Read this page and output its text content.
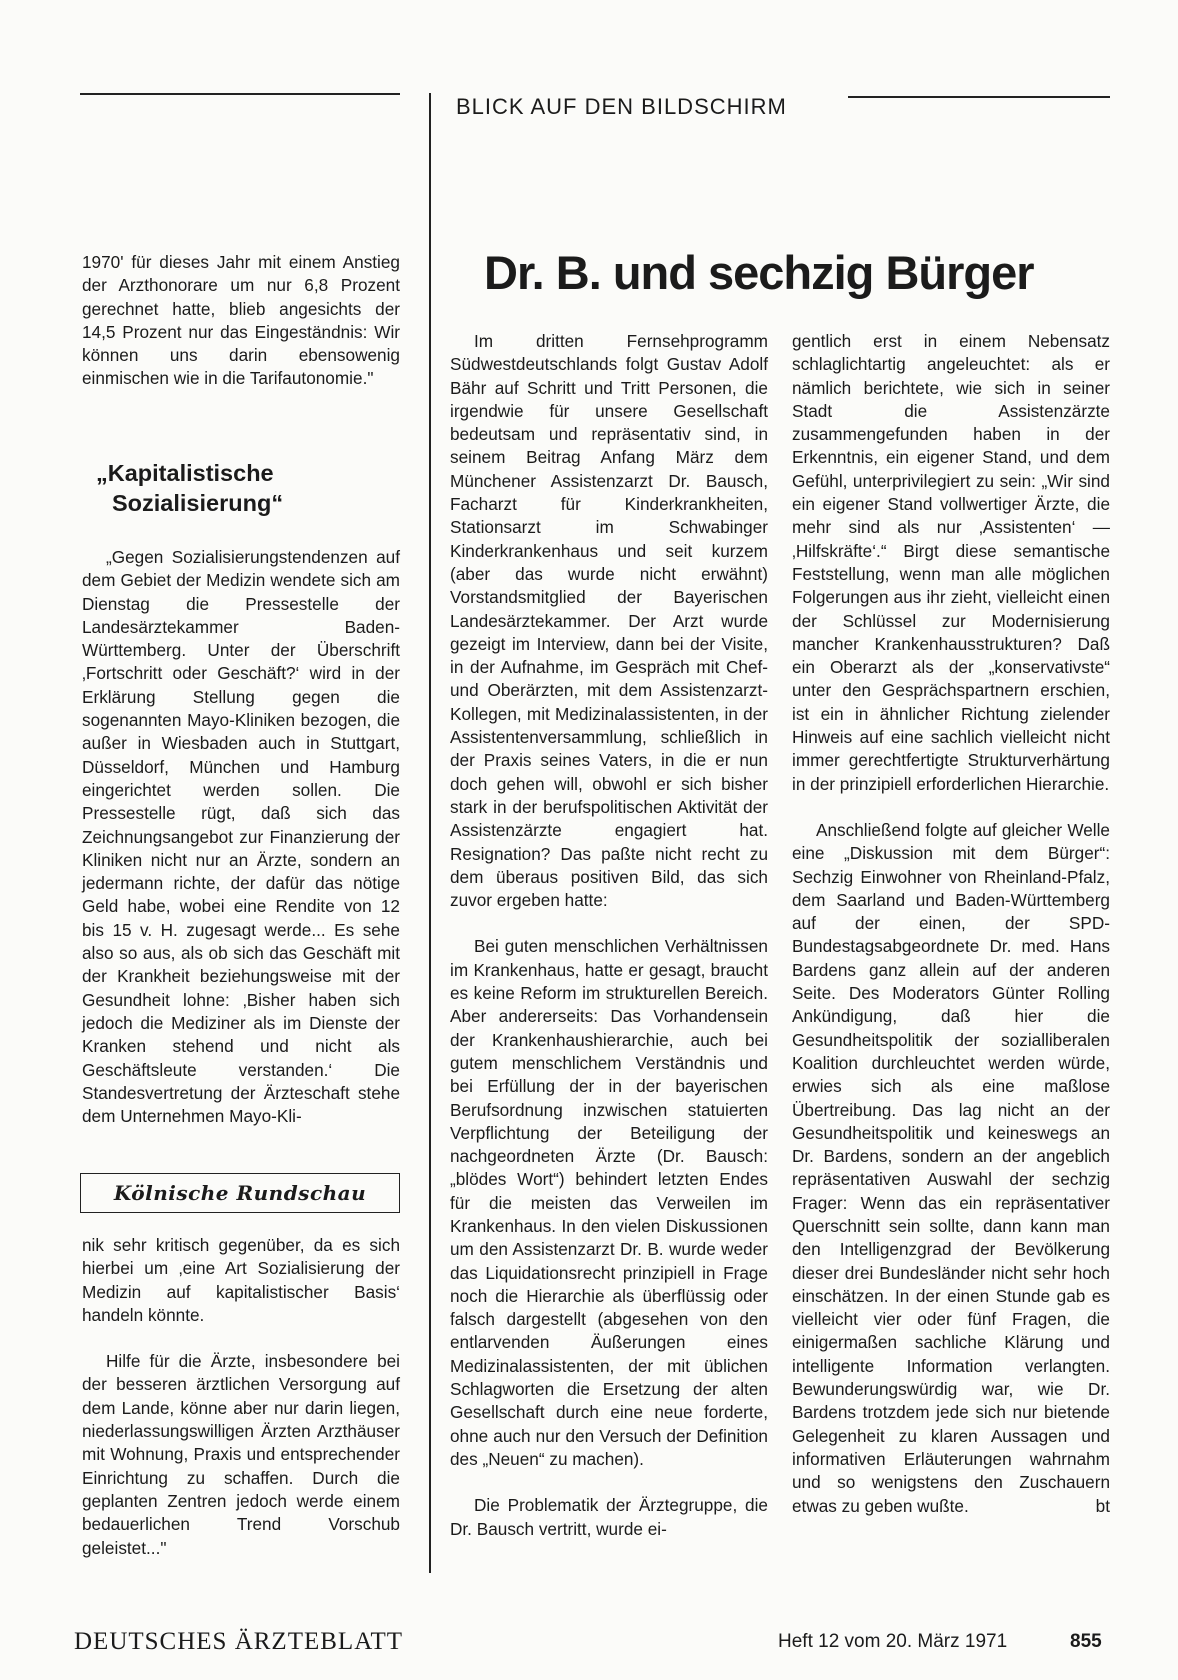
BLICK AUF DEN BILDSCHIRM

1970' für dieses Jahr mit einem Anstieg der Arzthonorare um nur 6,8 Prozent gerechnet hatte, blieb angesichts der 14,5 Prozent nur das Eingeständnis: Wir können uns darin ebensowenig einmischen wie in die Tarifautonomie."

„Kapitalistische
Sozialisierung“

„Gegen Sozialisierungstendenzen auf dem Gebiet der Medizin wendete sich am Dienstag die Pressestelle der Landesärztekammer Baden-Württemberg. Unter der Überschrift ‚Fortschritt oder Geschäft?‘ wird in der Erklärung Stellung gegen die sogenannten Mayo-Kliniken bezogen, die außer in Wiesbaden auch in Stuttgart, Düsseldorf, München und Hamburg eingerichtet werden sollen. Die Pressestelle rügt, daß sich das Zeichnungsangebot zur Finanzierung der Kliniken nicht nur an Ärzte, sondern an jedermann richte, der dafür das nötige Geld habe, wobei eine Rendite von 12 bis 15 v. H. zugesagt werde... Es sehe also so aus, als ob sich das Geschäft mit der Krankheit beziehungsweise mit der Gesundheit lohne: ‚Bisher haben sich jedoch die Mediziner als im Dienste der Kranken stehend und nicht als Geschäftsleute verstanden.‘ Die Standesvertretung der Ärzteschaft stehe dem Unternehmen Mayo-Kli-

Kölnische Rundschau

nik sehr kritisch gegenüber, da es sich hierbei um ‚eine Art Sozialisierung der Medizin auf kapitalistischer Basis‘ handeln könnte.

Hilfe für die Ärzte, insbesondere bei der besseren ärztlichen Versorgung auf dem Lande, könne aber nur darin liegen, niederlassungswilligen Ärzten Arzthäuser mit Wohnung, Praxis und entsprechender Einrichtung zu schaffen. Durch die geplanten Zentren jedoch werde einem bedauerlichen Trend Vorschub geleistet..."

Dr. B. und sechzig Bürger

Im dritten Fernsehprogramm Südwestdeutschlands folgt Gustav Adolf Bähr auf Schritt und Tritt Personen, die irgendwie für unsere Gesellschaft bedeutsam und repräsentativ sind, in seinem Beitrag Anfang März dem Münchener Assistenzarzt Dr. Bausch, Facharzt für Kinderkrankheiten, Stationsarzt im Schwabinger Kinderkrankenhaus und seit kurzem (aber das wurde nicht erwähnt) Vorstandsmitglied der Bayerischen Landesärztekammer. Der Arzt wurde gezeigt im Interview, dann bei der Visite, in der Aufnahme, im Gespräch mit Chef- und Oberärzten, mit dem Assistenzarzt-Kollegen, mit Medizinalassistenten, in der Assistentenversammlung, schließlich in der Praxis seines Vaters, in die er nun doch gehen will, obwohl er sich bisher stark in der berufspolitischen Aktivität der Assistenzärzte engagiert hat. Resignation? Das paßte nicht recht zu dem überaus positiven Bild, das sich zuvor ergeben hatte:

Bei guten menschlichen Verhältnissen im Krankenhaus, hatte er gesagt, braucht es keine Reform im strukturellen Bereich. Aber andererseits: Das Vorhandensein der Krankenhaushierarchie, auch bei gutem menschlichem Verständnis und bei Erfüllung der in der bayerischen Berufsordnung inzwischen statuierten Verpflichtung der Beteiligung der nachgeordneten Ärzte (Dr. Bausch: „blödes Wort“) behindert letzten Endes für die meisten das Verweilen im Krankenhaus. In den vielen Diskussionen um den Assistenzarzt Dr. B. wurde weder das Liquidationsrecht prinzipiell in Frage noch die Hierarchie als überflüssig oder falsch dargestellt (abgesehen von den entlarvenden Äußerungen eines Medizinalassistenten, der mit üblichen Schlagworten die Ersetzung der alten Gesellschaft durch eine neue forderte, ohne auch nur den Versuch der Definition des „Neuen“ zu machen).

Die Problematik der Ärztegruppe, die Dr. Bausch vertritt, wurde ei-

gentlich erst in einem Nebensatz schlaglichtartig angeleuchtet: als er nämlich berichtete, wie sich in seiner Stadt die Assistenzärzte zusammengefunden haben in der Erkenntnis, ein eigener Stand, und dem Gefühl, unterprivilegiert zu sein: „Wir sind ein eigener Stand vollwertiger Ärzte, die mehr sind als nur ‚Assistenten‘ — ‚Hilfskräfte‘.“ Birgt diese semantische Feststellung, wenn man alle möglichen Folgerungen aus ihr zieht, vielleicht einen der Schlüssel zur Modernisierung mancher Krankenhausstrukturen? Daß ein Oberarzt als der „konservativste“ unter den Gesprächspartnern erschien, ist ein in ähnlicher Richtung zielender Hinweis auf eine sachlich vielleicht nicht immer gerechtfertigte Strukturverhärtung in der prinzipiell erforderlichen Hierarchie.

Anschließend folgte auf gleicher Welle eine „Diskussion mit dem Bürger“: Sechzig Einwohner von Rheinland-Pfalz, dem Saarland und Baden-Württemberg auf der einen, der SPD-Bundestagsabgeordnete Dr. med. Hans Bardens ganz allein auf der anderen Seite. Des Moderators Günter Rolling Ankündigung, daß hier die Gesundheitspolitik der sozialliberalen Koalition durchleuchtet werden würde, erwies sich als eine maßlose Übertreibung. Das lag nicht an der Gesundheitspolitik und keineswegs an Dr. Bardens, sondern an der angeblich repräsentativen Auswahl der sechzig Frager: Wenn das ein repräsentativer Querschnitt sein sollte, dann kann man den Intelligenzgrad der Bevölkerung dieser drei Bundesländer nicht sehr hoch einschätzen. In der einen Stunde gab es vielleicht vier oder fünf Fragen, die einigermaßen sachliche Klärung und intelligente Information verlangten. Bewunderungswürdig war, wie Dr. Bardens trotzdem jede sich nur bietende Gelegenheit zu klaren Aussagen und informativen Erläuterungen wahrnahm und so wenigstens den Zuschauern etwas zu geben wußte.	bt

DEUTSCHES ÄRZTEBLATT	Heft 12 vom 20. März 1971	855
